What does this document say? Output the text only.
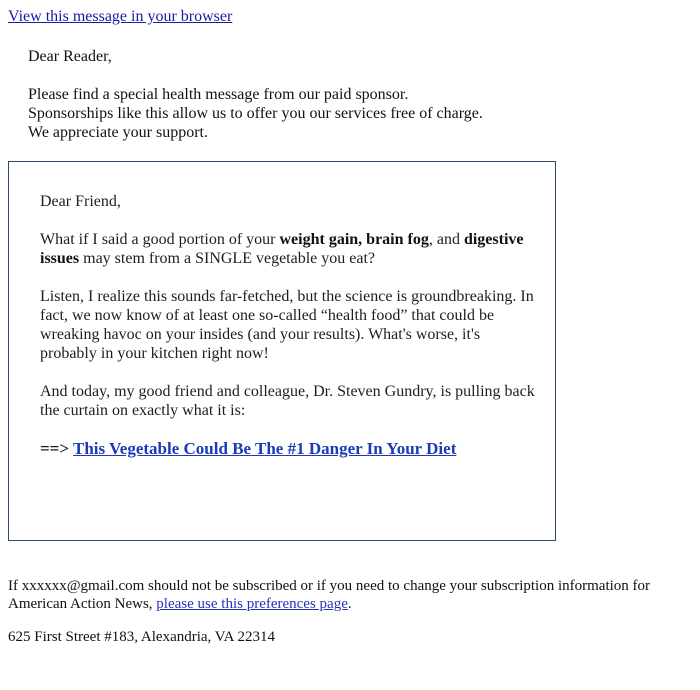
View this message in your browser

Dear Reader,

Please find a special health message from our paid sponsor.
Sponsorships like this allow us to offer you our services free of charge.
We appreciate your support.

Dear Friend,

What if I said a good portion of your weight gain, brain fog, and digestive issues may stem from a SINGLE vegetable you eat?

Listen, I realize this sounds far-fetched, but the science is groundbreaking. In fact, we now know of at least one so-called “health food” that could be wreaking havoc on your insides (and your results). What's worse, it's probably in your kitchen right now!

And today, my good friend and colleague, Dr. Steven Gundry, is pulling back the curtain on exactly what it is:

==> This Vegetable Could Be The #1 Danger In Your Diet

If xxxxxx@gmail.com should not be subscribed or if you need to change your subscription information for American Action News, please use this preferences page.

625 First Street #183, Alexandria, VA 22314
